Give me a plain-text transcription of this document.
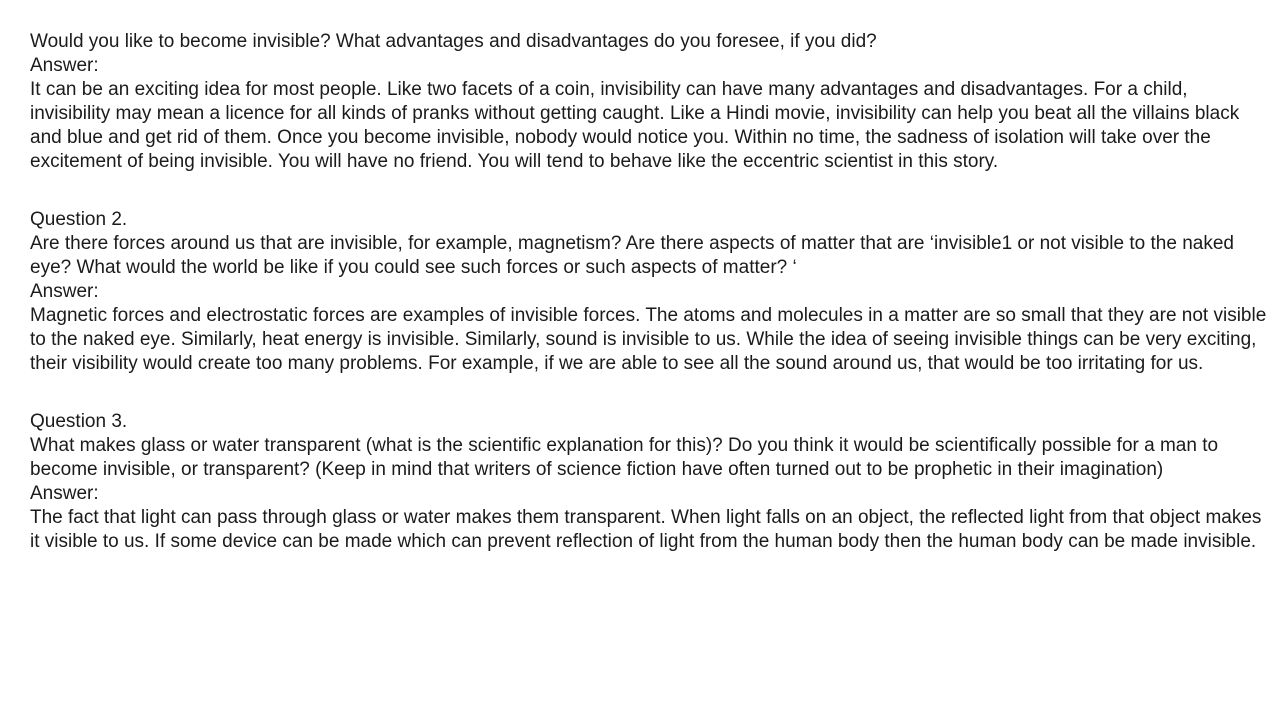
Would you like to become invisible? What advantages and disadvantages do you foresee, if you did?

Answer:

It can be an exciting idea for most people. Like two facets of a coin, invisibility can have many advantages and disadvantages. For a child, invisibility may mean a licence for all kinds of pranks without getting caught. Like a Hindi movie, invisibility can help you beat all the villains black and blue and get rid of them. Once you become invisible, nobody would notice you. Within no time, the sadness of isolation will take over the excitement of being invisible. You will have no friend. You will tend to behave like the eccentric scientist in this story.

Question 2.

Are there forces around us that are invisible, for example, magnetism? Are there aspects of matter that are ‘invisible1 or not visible to the naked eye? What would the world be like if you could see such forces or such aspects of matter? ‘

Answer:

Magnetic forces and electrostatic forces are examples of invisible forces. The atoms and molecules in a matter are so small that they are not visible to the naked eye. Similarly, heat energy is invisible. Similarly, sound is invisible to us. While the idea of seeing invisible things can be very exciting, their visibility would create too many problems. For example, if we are able to see all the sound around us, that would be too irritating for us.

Question 3.

What makes glass or water transparent (what is the scientific explanation for this)? Do you think it would be scientifically possible for a man to become invisible, or transparent? (Keep in mind that writers of science fiction have often turned out to be prophetic in their imagination)

Answer:

The fact that light can pass through glass or water makes them transparent. When light falls on an object, the reflected light from that object makes it visible to us. If some device can be made which can prevent reflection of light from the human body then the human body can be made invisible.
